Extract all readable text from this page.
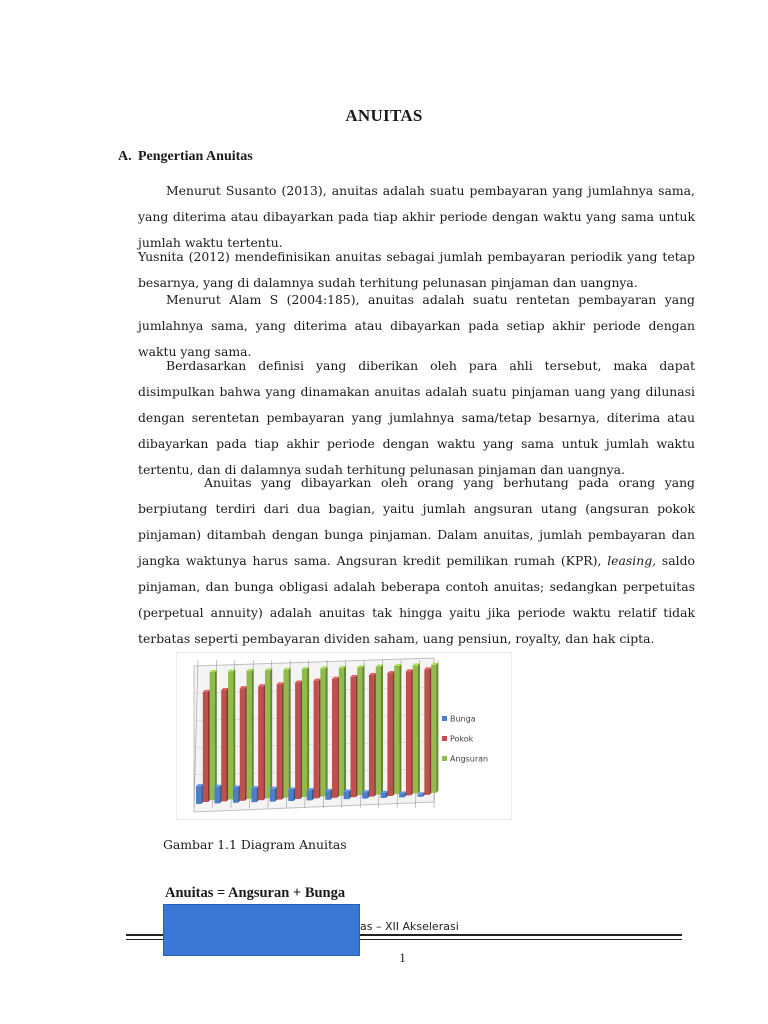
ANUITAS
A. Pengertian Anuitas

Menurut Susanto (2013), anuitas adalah suatu pembayaran yang jumlahnya sama, yang diterima atau dibayarkan pada tiap akhir periode dengan waktu yang sama untuk jumlah waktu tertentu.

Yusnita (2012) mendefinisikan anuitas sebagai jumlah pembayaran periodik yang tetap besarnya, yang di dalamnya sudah terhitung pelunasan pinjaman dan uangnya.

Menurut Alam S (2004:185), anuitas adalah suatu rentetan pembayaran yang jumlahnya sama, yang diterima atau dibayarkan pada setiap akhir periode dengan waktu yang sama.

Berdasarkan definisi yang diberikan oleh para ahli tersebut, maka dapat disimpulkan bahwa yang dinamakan anuitas adalah suatu pinjaman uang yang dilunasi dengan serentetan pembayaran yang jumlahnya sama/tetap besarnya, diterima atau dibayarkan pada tiap akhir periode dengan waktu yang sama untuk jumlah waktu tertentu, dan di dalamnya sudah terhitung pelunasan pinjaman dan uangnya.

Anuitas yang dibayarkan oleh orang yang berhutang pada orang yang berpiutang terdiri dari dua bagian, yaitu jumlah angsuran utang (angsuran pokok pinjaman) ditambah dengan bunga pinjaman. Dalam anuitas, jumlah pembayaran dan jangka waktunya harus sama. Angsuran kredit pemilikan rumah (KPR), leasing, saldo pinjaman, dan bunga obligasi adalah beberapa contoh anuitas; sedangkan perpetuitas (perpetual annuity) adalah anuitas tak hingga yaitu jika periode waktu relatif tidak terbatas seperti pembayaran dividen saham, uang pensiun, royalty, dan hak cipta.

Bunga
Pokok
Angsuran
Gambar 1.1 Diagram Anuitas
Anuitas = Angsuran + Bunga
as – XII Akselerasi
1
